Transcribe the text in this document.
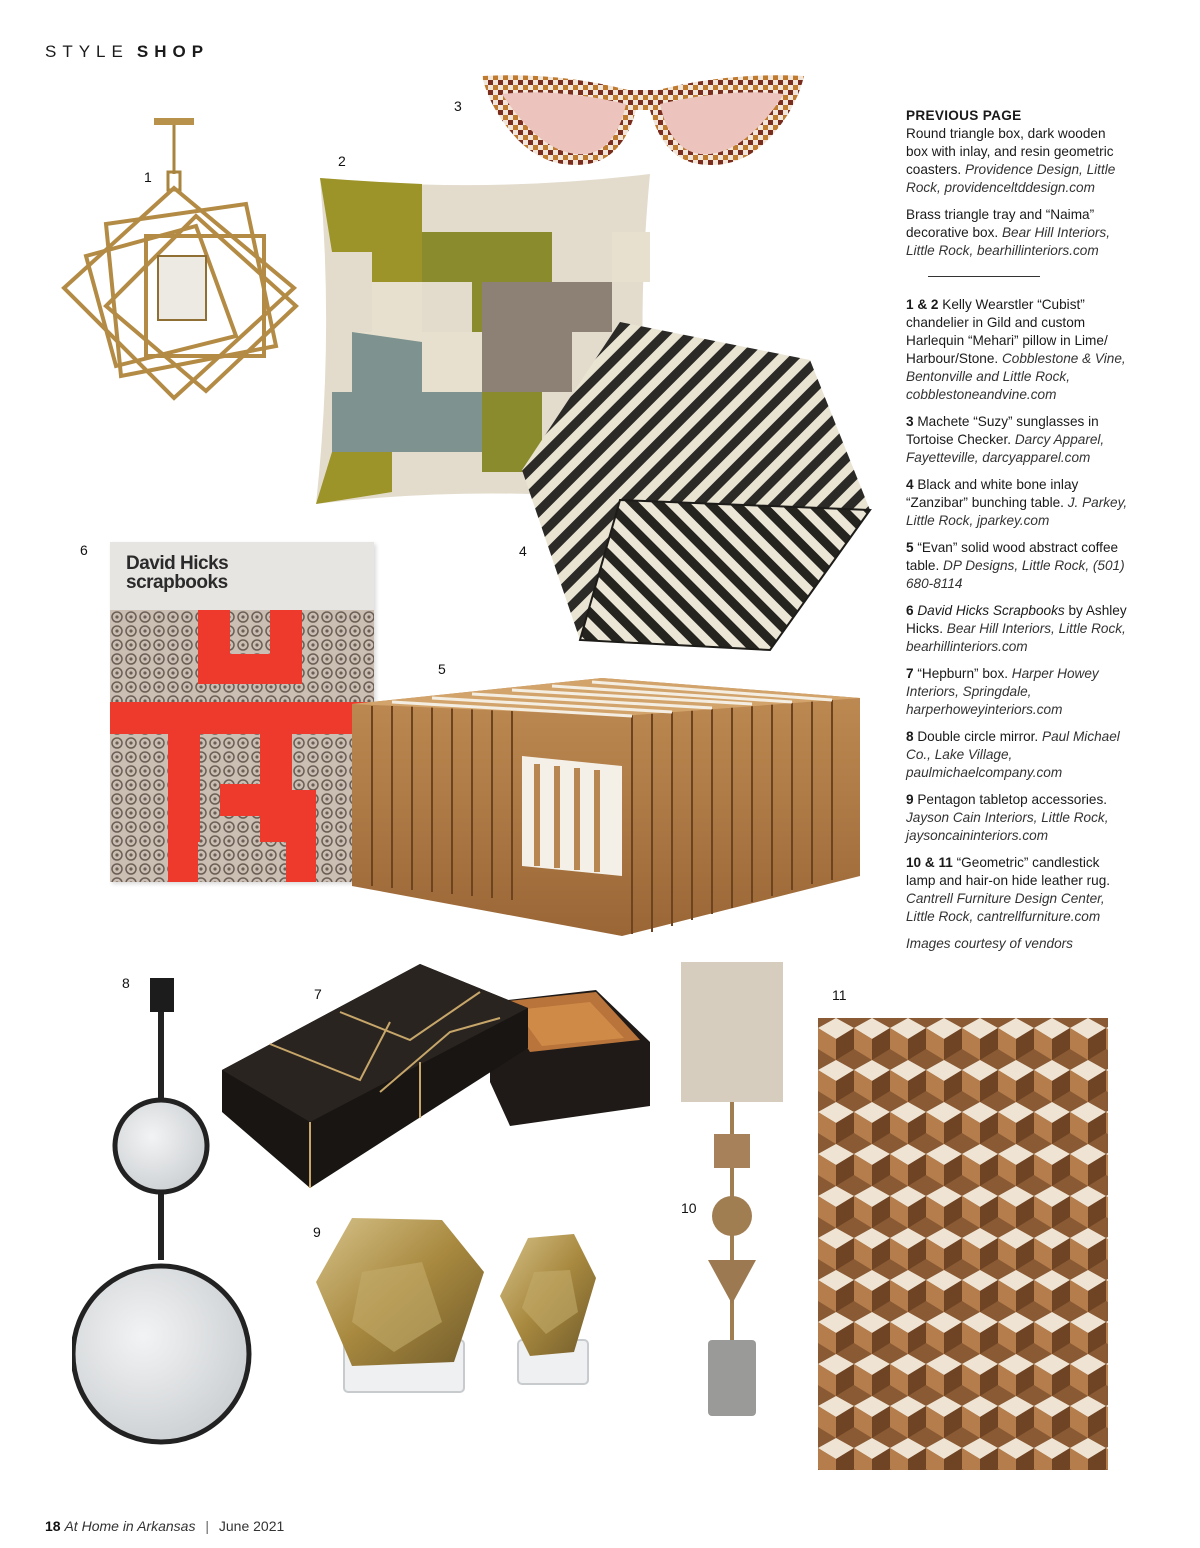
STYLE SHOP
1
2
3
4
5
6
7
8
9
10
11
David Hicks
scrapbooks
PREVIOUS PAGE

Round triangle box, dark wooden box with inlay, and resin geometric coasters. Providence Design, Little Rock, providenceltddesign.com

Brass triangle tray and “Naima” decorative box. Bear Hill Interiors, Little Rock, bearhillinteriors.com

1 & 2 Kelly Wearstler “Cubist” chandelier in Gild and custom Harlequin “Mehari” pillow in Lime/ Harbour/Stone. Cobblestone & Vine, Bentonville and Little Rock, cobblestoneandvine.com

3 Machete “Suzy” sunglasses in Tortoise Checker. Darcy Apparel, Fayetteville, darcyapparel.com

4 Black and white bone inlay “Zanzibar” bunching table. J. Parkey, Little Rock, jparkey.com

5 “Evan” solid wood abstract coffee table. DP Designs, Little Rock, (501) 680-8114

6 David Hicks Scrapbooks by Ashley Hicks. Bear Hill Interiors, Little Rock, bearhillinteriors.com

7 “Hepburn” box. Harper Howey Interiors, Springdale, harperhoweyinteriors.com

8 Double circle mirror. Paul Michael Co., Lake Village, paulmichaelcompany.com

9 Pentagon tabletop accessories. Jayson Cain Interiors, Little Rock, jaysoncaininteriors.com

10 & 11 “Geometric” candlestick lamp and hair-on hide leather rug. Cantrell Furniture Design Center, Little Rock, cantrellfurniture.com

Images courtesy of vendors

18 At Home in Arkansas | June 2021
